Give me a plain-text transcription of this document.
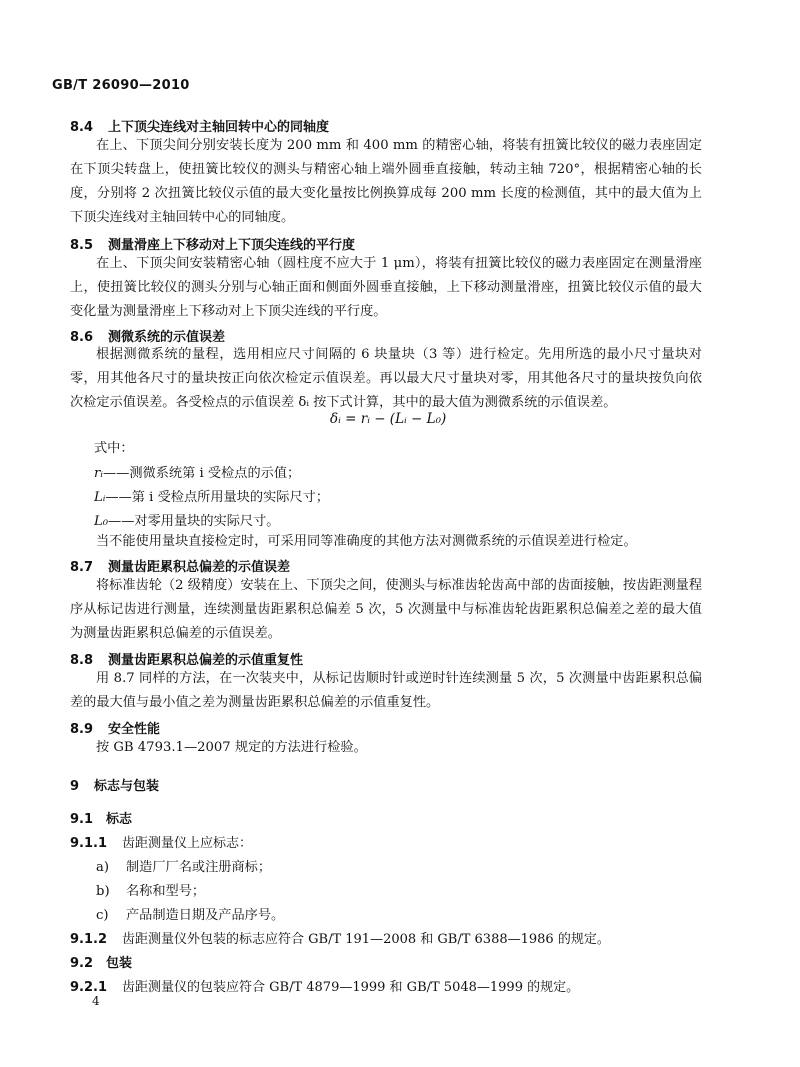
GB/T 26090—2010
8.4 上下顶尖连线对主轴回转中心的同轴度

在上、下顶尖间分别安装长度为 200 mm 和 400 mm 的精密心轴，将装有扭簧比较仪的磁力表座固定在下顶尖转盘上，使扭簧比较仪的测头与精密心轴上端外圆垂直接触，转动主轴 720°，根据精密心轴的长度，分别将 2 次扭簧比较仪示值的最大变化量按比例换算成每 200 mm 长度的检测值，其中的最大值为上下顶尖连线对主轴回转中心的同轴度。

8.5 测量滑座上下移动对上下顶尖连线的平行度

在上、下顶尖间安装精密心轴（圆柱度不应大于 1 μm），将装有扭簧比较仪的磁力表座固定在测量滑座上，使扭簧比较仪的测头分别与心轴正面和侧面外圆垂直接触，上下移动测量滑座，扭簧比较仪示值的最大变化量为测量滑座上下移动对上下顶尖连线的平行度。

8.6 测微系统的示值误差

根据测微系统的量程，选用相应尺寸间隔的 6 块量块（3 等）进行检定。先用所选的最小尺寸量块对零，用其他各尺寸的量块按正向依次检定示值误差。再以最大尺寸量块对零，用其他各尺寸的量块按负向依次检定示值误差。各受检点的示值误差 δᵢ 按下式计算，其中的最大值为测微系统的示值误差。

δᵢ = rᵢ − (Lᵢ − L₀)
式中：
rᵢ——测微系统第 i 受检点的示值；
Lᵢ——第 i 受检点所用量块的实际尺寸；
L₀——对零用量块的实际尺寸。

当不能使用量块直接检定时，可采用同等准确度的其他方法对测微系统的示值误差进行检定。

8.7 测量齿距累积总偏差的示值误差

将标准齿轮（2 级精度）安装在上、下顶尖之间，使测头与标准齿轮齿高中部的齿面接触，按齿距测量程序从标记齿进行测量，连续测量齿距累积总偏差 5 次，5 次测量中与标准齿轮齿距累积总偏差之差的最大值为测量齿距累积总偏差的示值误差。

8.8 测量齿距累积总偏差的示值重复性

用 8.7 同样的方法，在一次装夹中，从标记齿顺时针或逆时针连续测量 5 次，5 次测量中齿距累积总偏差的最大值与最小值之差为测量齿距累积总偏差的示值重复性。

8.9 安全性能

按 GB 4793.1—2007 规定的方法进行检验。

9 标志与包装
9.1 标志
9.1.1 齿距测量仪上应标志：
a) 制造厂厂名或注册商标；
b) 名称和型号；
c) 产品制造日期及产品序号。
9.1.2 齿距测量仪外包装的标志应符合 GB/T 191—2008 和 GB/T 6388—1986 的规定。
9.2 包装
9.2.1 齿距测量仪的包装应符合 GB/T 4879—1999 和 GB/T 5048—1999 的规定。
4
